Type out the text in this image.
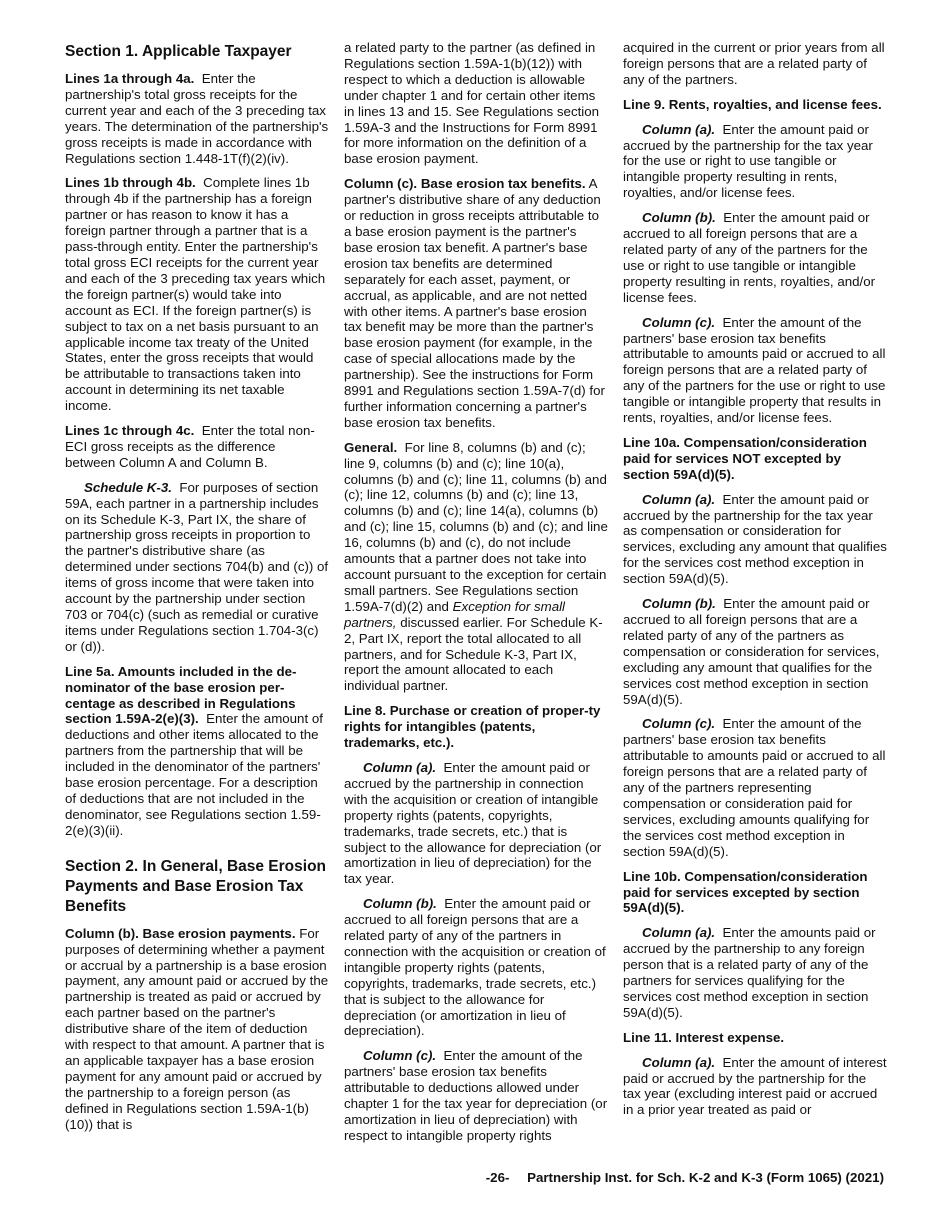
Section 1. Applicable Taxpayer

Lines 1a through 4a. Enter the partnership's total gross receipts for the current year and each of the 3 preceding tax years. The determination of the partnership's gross receipts is made in accordance with Regulations section 1.448-1T(f)(2)(iv).

Lines 1b through 4b. Complete lines 1b through 4b if the partnership has a foreign partner or has reason to know it has a foreign partner through a partner that is a pass-through entity. Enter the partnership's total gross ECI receipts for the current year and each of the 3 preceding tax years which the foreign partner(s) would take into account as ECI. If the foreign partner(s) is subject to tax on a net basis pursuant to an applicable income tax treaty of the United States, enter the gross receipts that would be attributable to transactions taken into account in determining its net taxable income.

Lines 1c through 4c. Enter the total non-ECI gross receipts as the difference between Column A and Column B.

Schedule K-3. For purposes of section 59A, each partner in a partnership includes on its Schedule K-3, Part IX, the share of partnership gross receipts in proportion to the partner's distributive share (as determined under sections 704(b) and (c)) of items of gross income that were taken into account by the partnership under section 703 or 704(c) (such as remedial or curative items under Regulations section 1.704-3(c) or (d)).

Line 5a. Amounts included in the de-nominator of the base erosion per-centage as described in Regulations section 1.59A-2(e)(3). Enter the amount of deductions and other items allocated to the partners from the partnership that will be included in the denominator of the partners' base erosion percentage. For a description of deductions that are not included in the denominator, see Regulations section 1.59-2(e)(3)(ii).

Section 2. In General, Base Erosion Payments and Base Erosion Tax Benefits

Column (b). Base erosion payments. For purposes of determining whether a payment or accrual by a partnership is a base erosion payment, any amount paid or accrued by the partnership is treated as paid or accrued by each partner based on the partner's distributive share of the item of deduction with respect to that amount. A partner that is an applicable taxpayer has a base erosion payment for any amount paid or accrued by the partnership to a foreign person (as defined in Regulations section 1.59A-1(b)(10)) that is

a related party to the partner (as defined in Regulations section 1.59A-1(b)(12)) with respect to which a deduction is allowable under chapter 1 and for certain other items in lines 13 and 15. See Regulations section 1.59A-3 and the Instructions for Form 8991 for more information on the definition of a base erosion payment.

Column (c). Base erosion tax benefits. A partner's distributive share of any deduction or reduction in gross receipts attributable to a base erosion payment is the partner's base erosion tax benefit. A partner's base erosion tax benefits are determined separately for each asset, payment, or accrual, as applicable, and are not netted with other items. A partner's base erosion tax benefit may be more than the partner's base erosion payment (for example, in the case of special allocations made by the partnership). See the instructions for Form 8991 and Regulations section 1.59A-7(d) for further information concerning a partner's base erosion tax benefits.

General. For line 8, columns (b) and (c); line 9, columns (b) and (c); line 10(a), columns (b) and (c); line 11, columns (b) and (c); line 12, columns (b) and (c); line 13, columns (b) and (c); line 14(a), columns (b) and (c); line 15, columns (b) and (c); and line 16, columns (b) and (c), do not include amounts that a partner does not take into account pursuant to the exception for certain small partners. See Regulations section 1.59A-7(d)(2) and Exception for small partners, discussed earlier. For Schedule K-2, Part IX, report the total allocated to all partners, and for Schedule K-3, Part IX, report the amount allocated to each individual partner.

Line 8. Purchase or creation of proper-ty rights for intangibles (patents, trademarks, etc.).

Column (a). Enter the amount paid or accrued by the partnership in connection with the acquisition or creation of intangible property rights (patents, copyrights, trademarks, trade secrets, etc.) that is subject to the allowance for depreciation (or amortization in lieu of depreciation) for the tax year.

Column (b). Enter the amount paid or accrued to all foreign persons that are a related party of any of the partners in connection with the acquisition or creation of intangible property rights (patents, copyrights, trademarks, trade secrets, etc.) that is subject to the allowance for depreciation (or amortization in lieu of depreciation).

Column (c). Enter the amount of the partners' base erosion tax benefits attributable to deductions allowed under chapter 1 for the tax year for depreciation (or amortization in lieu of depreciation) with respect to intangible property rights

acquired in the current or prior years from all foreign persons that are a related party of any of the partners.

Line 9. Rents, royalties, and license fees.

Column (a). Enter the amount paid or accrued by the partnership for the tax year for the use or right to use tangible or intangible property resulting in rents, royalties, and/or license fees.

Column (b). Enter the amount paid or accrued to all foreign persons that are a related party of any of the partners for the use or right to use tangible or intangible property resulting in rents, royalties, and/or license fees.

Column (c). Enter the amount of the partners' base erosion tax benefits attributable to amounts paid or accrued to all foreign persons that are a related party of any of the partners for the use or right to use tangible or intangible property that results in rents, royalties, and/or license fees.

Line 10a. Compensation/consideration paid for services NOT excepted by section 59A(d)(5).

Column (a). Enter the amount paid or accrued by the partnership for the tax year as compensation or consideration for services, excluding any amount that qualifies for the services cost method exception in section 59A(d)(5).

Column (b). Enter the amount paid or accrued to all foreign persons that are a related party of any of the partners as compensation or consideration for services, excluding any amount that qualifies for the services cost method exception in section 59A(d)(5).

Column (c). Enter the amount of the partners' base erosion tax benefits attributable to amounts paid or accrued to all foreign persons that are a related party of any of the partners representing compensation or consideration paid for services, excluding amounts qualifying for the services cost method exception in section 59A(d)(5).

Line 10b. Compensation/consideration paid for services excepted by section 59A(d)(5).

Column (a). Enter the amounts paid or accrued by the partnership to any foreign person that is a related party of any of the partners for services qualifying for the services cost method exception in section 59A(d)(5).

Line 11. Interest expense.

Column (a). Enter the amount of interest paid or accrued by the partnership for the tax year (excluding interest paid or accrued in a prior year treated as paid or

-26- Partnership Inst. for Sch. K-2 and K-3 (Form 1065) (2021)
